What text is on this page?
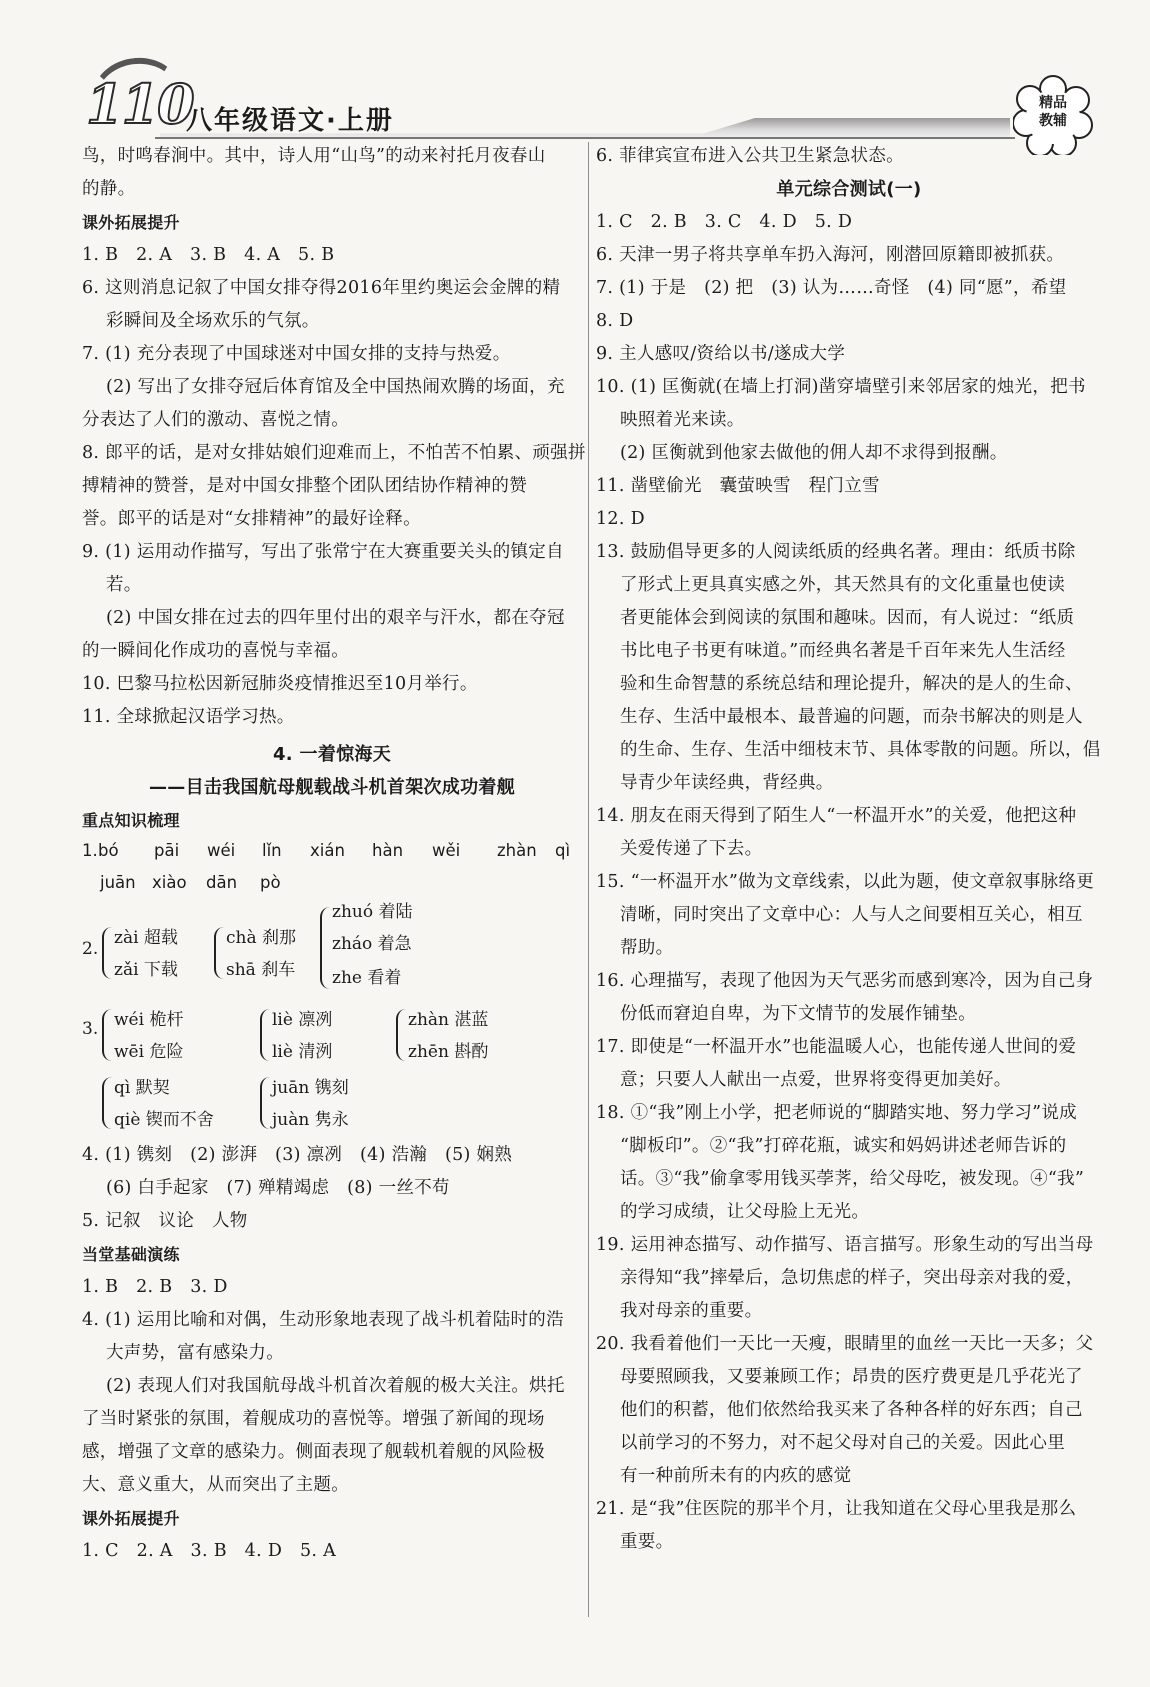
110
八年级语文·上册
精品
教辅
鸟，时鸣春涧中。其中，诗人用“山鸟”的动来衬托月夜春山
的静。
课外拓展提升
1. B　2. A　3. B　4. A　5. B
6. 这则消息记叙了中国女排夺得2016年里约奥运会金牌的精
彩瞬间及全场欢乐的气氛。
7. (1) 充分表现了中国球迷对中国女排的支持与热爱。
(2) 写出了女排夺冠后体育馆及全中国热闹欢腾的场面，充
分表达了人们的激动、喜悦之情。
8. 郎平的话，是对女排姑娘们迎难而上，不怕苦不怕累、顽强拼
搏精神的赞誉，是对中国女排整个团队团结协作精神的赞
誉。郎平的话是对“女排精神”的最好诠释。
9. (1) 运用动作描写，写出了张常宁在大赛重要关头的镇定自
若。
(2) 中国女排在过去的四年里付出的艰辛与汗水，都在夺冠
的一瞬间化作成功的喜悦与幸福。
10. 巴黎马拉松因新冠肺炎疫情推迟至10月举行。
11. 全球掀起汉语学习热。
4. 一着惊海天
——目击我国航母舰载战斗机首架次成功着舰
重点知识梳理
1. bó pāi wéi lǐn xián hàn wěi zhàn qì
juān xiào dān pò
2.
zài 超载
zǎi 下载
chà 刹那
shā 刹车
zhuó 着陆
zháo 着急
zhe 看着
3. wéi 桅杆
wēi 危险
liè 凛冽
liè 清洌
zhàn 湛蓝
zhēn 斟酌
qì 默契
qiè 锲而不舍
juān 镌刻
juàn 隽永
4. (1) 镌刻　(2) 澎湃　(3) 凛冽　(4) 浩瀚　(5) 娴熟
(6) 白手起家　(7) 殚精竭虑　(8) 一丝不苟
5. 记叙　议论　人物
当堂基础演练
1. B　2. B　3. D
4. (1) 运用比喻和对偶，生动形象地表现了战斗机着陆时的浩
大声势，富有感染力。
(2) 表现人们对我国航母战斗机首次着舰的极大关注。烘托
了当时紧张的氛围，着舰成功的喜悦等。增强了新闻的现场
感，增强了文章的感染力。侧面表现了舰载机着舰的风险极
大、意义重大，从而突出了主题。
课外拓展提升
1. C　2. A　3. B　4. D　5. A
6. 菲律宾宣布进入公共卫生紧急状态。
单元综合测试(一)
1. C　2. B　3. C　4. D　5. D
6. 天津一男子将共享单车扔入海河，刚潜回原籍即被抓获。
7. (1) 于是　(2) 把　(3) 认为……奇怪　(4) 同“愿”，希望
8. D
9. 主人感叹/资给以书/遂成大学
10. (1) 匡衡就(在墙上打洞)凿穿墙壁引来邻居家的烛光，把书
映照着光来读。
(2) 匡衡就到他家去做他的佣人却不求得到报酬。
11. 凿壁偷光　囊萤映雪　程门立雪
12. D
13. 鼓励倡导更多的人阅读纸质的经典名著。理由：纸质书除
了形式上更具真实感之外，其天然具有的文化重量也使读
者更能体会到阅读的氛围和趣味。因而，有人说过：“纸质
书比电子书更有味道。”而经典名著是千百年来先人生活经
验和生命智慧的系统总结和理论提升，解决的是人的生命、
生存、生活中最根本、最普遍的问题，而杂书解决的则是人
的生命、生存、生活中细枝末节、具体零散的问题。所以，倡
导青少年读经典，背经典。
14. 朋友在雨天得到了陌生人“一杯温开水”的关爱，他把这种
关爱传递了下去。
15. “一杯温开水”做为文章线索，以此为题，使文章叙事脉络更
清晰，同时突出了文章中心：人与人之间要相互关心，相互
帮助。
16. 心理描写，表现了他因为天气恶劣而感到寒冷，因为自己身
份低而窘迫自卑，为下文情节的发展作铺垫。
17. 即使是“一杯温开水”也能温暖人心，也能传递人世间的爱
意；只要人人献出一点爱，世界将变得更加美好。
18. ①“我”刚上小学，把老师说的“脚踏实地、努力学习”说成
“脚板印”。②“我”打碎花瓶，诚实和妈妈讲述老师告诉的
话。③“我”偷拿零用钱买荸荠，给父母吃，被发现。④“我”
的学习成绩，让父母脸上无光。
19. 运用神态描写、动作描写、语言描写。形象生动的写出当母
亲得知“我”摔晕后，急切焦虑的样子，突出母亲对我的爱，
我对母亲的重要。
20. 我看着他们一天比一天瘦，眼睛里的血丝一天比一天多；父
母要照顾我，又要兼顾工作；昂贵的医疗费更是几乎花光了
他们的积蓄，他们依然给我买来了各种各样的好东西；自己
以前学习的不努力，对不起父母对自己的关爱。因此心里
有一种前所未有的内疚的感觉
21. 是“我”住医院的那半个月，让我知道在父母心里我是那么
重要。
